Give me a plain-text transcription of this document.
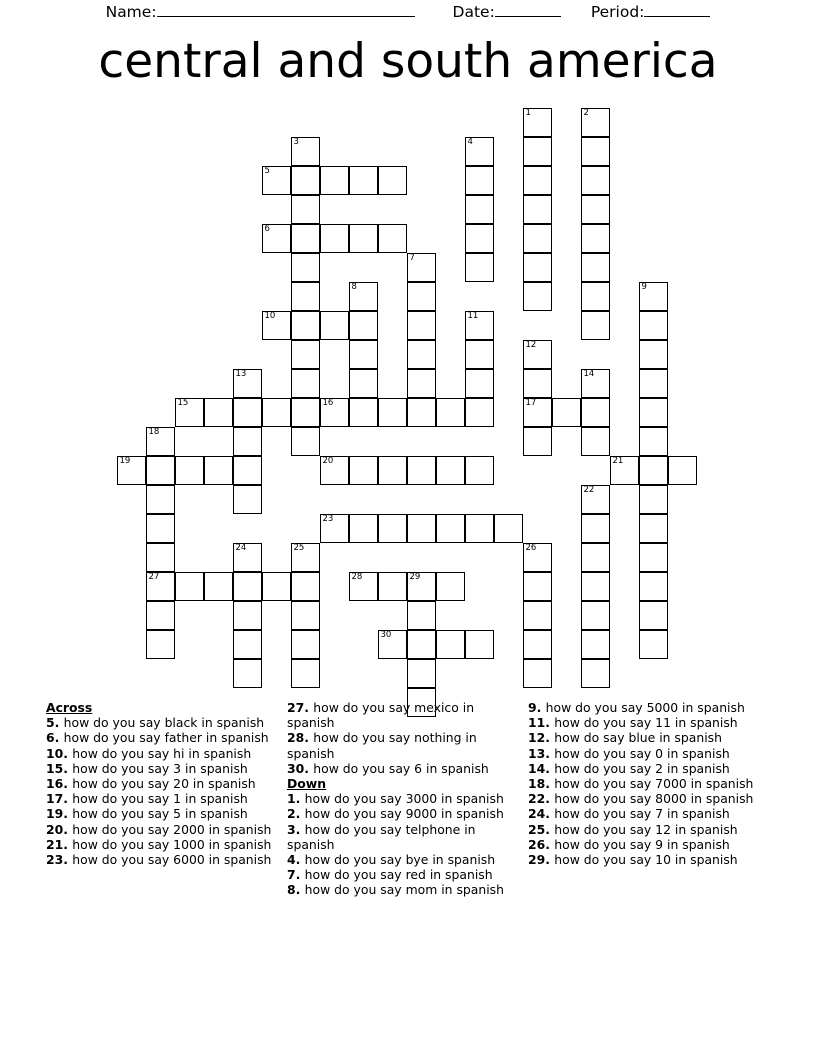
Name:	Date:	Period:
central and south america
1	2
3	4
5
6
7
8	9
10	11
12
13	14
15	16	17
18
19	20	21
22
23
24	25	26
27	28	29
30

Across

5. how do you say black in spanish

6. how do you say father in spanish

10. how do you say hi in spanish

15. how do you say 3 in spanish

16. how do you say 20 in spanish

17. how do you say 1 in spanish

19. how do you say 5 in spanish

20. how do you say 2000 in spanish

21. how do you say 1000 in spanish

23. how do you say 6000 in spanish

27. how do you say mexico in spanish

28. how do you say nothing in spanish

30. how do you say 6 in spanish

Down

1. how do you say 3000 in spanish

2. how do you say 9000 in spanish

3. how do you say telphone in spanish

4. how do you say bye in spanish

7. how do you say red in spanish

8. how do you say mom in spanish

9. how do you say 5000 in spanish

11. how do you say 11 in spanish

12. how do say blue in spanish

13. how do you say 0 in spanish

14. how do you say 2 in spanish

18. how do you say 7000 in spanish

22. how do you say 8000 in spanish

24. how do you say 7 in spanish

25. how do you say 12 in spanish

26. how do you say 9 in spanish

29. how do you say 10 in spanish
